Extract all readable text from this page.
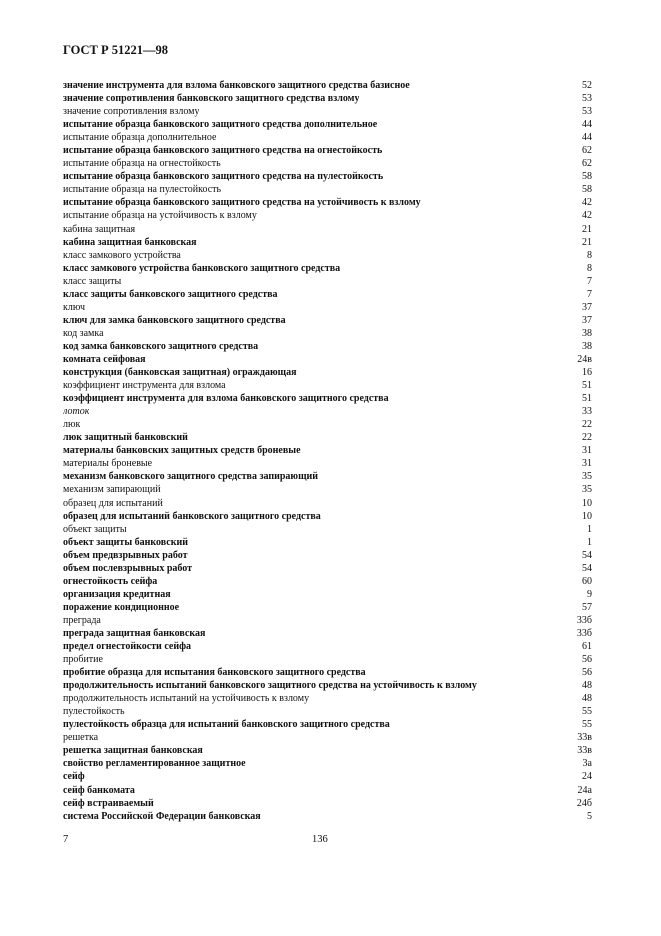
ГОСТ Р 51221—98
значение инструмента для взлома банковского защитного средства базисное	52
значение сопротивления банковского защитного средства взлому	53
значение сопротивления взлому	53
испытание образца банковского защитного средства дополнительное	44
испытание образца дополнительное	44
испытание образца банковского защитного средства на огнестойкость	62
испытание образца на огнестойкость	62
испытание образца банковского защитного средства на пулестойкость	58
испытание образца на пулестойкость	58
испытание образца банковского защитного средства на устойчивость к взлому	42
испытание образца на устойчивость к взлому	42
кабина защитная	21
кабина защитная банковская	21
класс замкового устройства	8
класс замкового устройства банковского защитного средства	8
класс защиты	7
класс защиты банковского защитного средства	7
ключ	37
ключ для замка банковского защитного средства	37
код замка	38
код замка банковского защитного средства	38
комната сейфовая	24в
конструкция (банковская защитная) ограждающая	16
коэффициент инструмента для взлома	51
коэффициент инструмента для взлома банковского защитного средства	51
лоток	33
люк	22
люк защитный банковский	22
материалы банковских защитных средств броневые	31
материалы броневые	31
механизм банковского защитного средства запирающий	35
механизм запирающий	35
образец для испытаний	10
образец для испытаний банковского защитного средства	10
объект защиты	1
объект защиты банковский	1
объем предвзрывных работ	54
объем послевзрывных работ	54
огнестойкость сейфа	60
организация кредитная	9
поражение кондиционное	57
преграда	33б
преграда защитная банковская	33б
предел огнестойкости сейфа	61
пробитие	56
пробитие образца для испытания банковского защитного средства	56
продолжительность испытаний банковского защитного средства на устойчивость к взлому	48
продолжительность испытаний на устойчивость к взлому	48
пулестойкость	55
пулестойкость образца для испытаний банковского защитного средства	55
решетка	33в
решетка защитная банковская	33в
свойство регламентированное защитное	3а
сейф	24
сейф банкомата	24а
сейф встраиваемый	24б
система Российской Федерации банковская	5
7	136
